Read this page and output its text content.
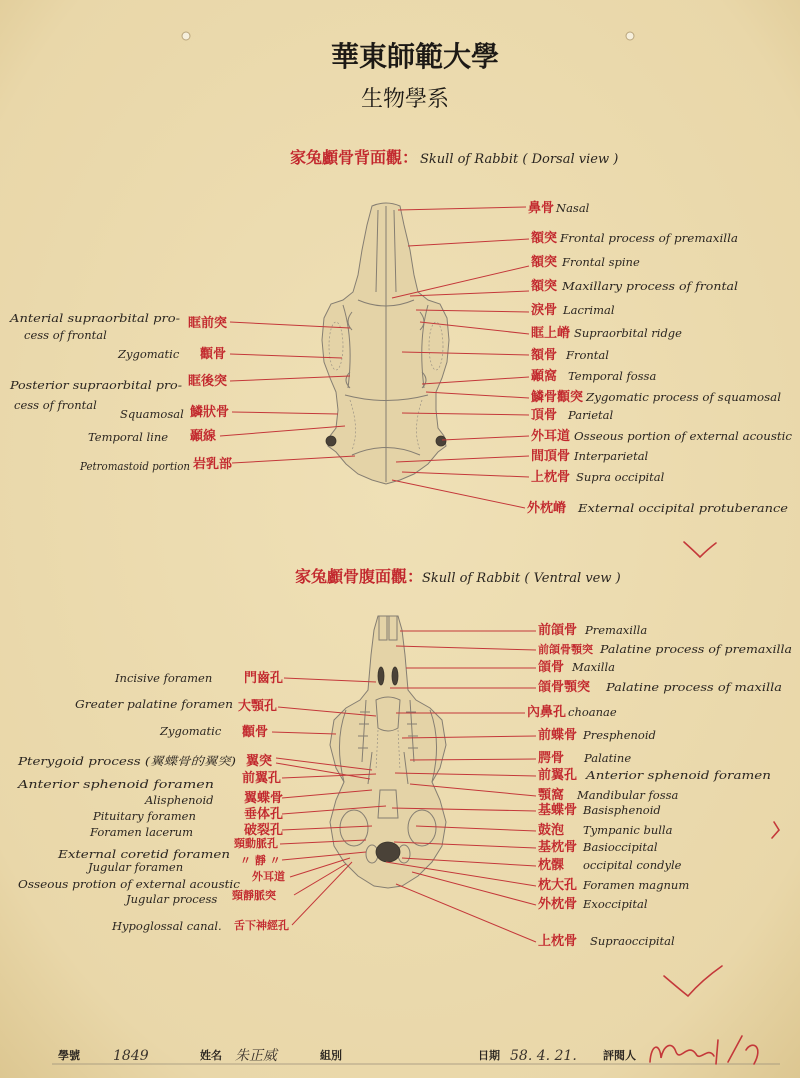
華東師範大學
生物學系
家兔顱骨背面觀： Skull of Rabbit ( Dorsal view )
鼻骨 Nasal
額突 Frontal process of premaxilla
額突 Frontal spine
額突 Maxillary process of frontal
淚骨 Lacrimal
眶上嵴 Supraorbital ridge
額骨 Frontal
顳窩 Temporal fossa
鱗骨顴突 Zygomatic process of squamosal
頂骨 Parietal
外耳道 Osseous portion of external acoustic
間頂骨 Interparietal
上枕骨 Supra occipital
外枕嵴 External occipital protuberance
Anterial supraorbital pro-
cess of frontal
眶前突
Zygomatic 顴骨
Posterior supraorbital pro-
cess of frontal
眶後突
Squamosal 鱗狀骨
Temporal line 顳線
Petromastoid portion 岩乳部
家兔顱骨腹面觀：
Skull of Rabbit ( Ventral vew )
前頜骨 Premaxilla
前頜骨顎突 Palatine process of premaxilla
頜骨 Maxilla
頜骨顎突 Palatine process of maxilla
內鼻孔 choanae
前蝶骨 Presphenoid
腭骨 Palatine
前翼孔 Anterior sphenoid foramen
顎窩 Mandibular fossa
基蝶骨 Basisphenoid
鼓泡 Tympanic bulla
基枕骨 Basioccipital
枕髁 occipital condyle
枕大孔 Foramen magnum
外枕骨 Exoccipital
上枕骨 Supraoccipital
Incisive foramen 門齒孔
Greater palatine foramen 大顎孔
Zygomatic 顴骨
Pterygoid process (翼蝶骨的翼突) 翼突
Anterior sphenoid foramen 前翼孔
Alisphenoid 翼蝶骨
Pituitary foramen	垂体孔
Foramen lacerum	破裂孔
External coretid foramen
頸動脈孔
Jugular foramen	〃 靜 〃
Osseous protion of external acoustic
外耳道
Jugular process 頸靜脈突
Hypoglossal canal. 舌下神經孔
學號 1849	姓名 朱正威	組別	日期 58. 4. 21. 評閱人
